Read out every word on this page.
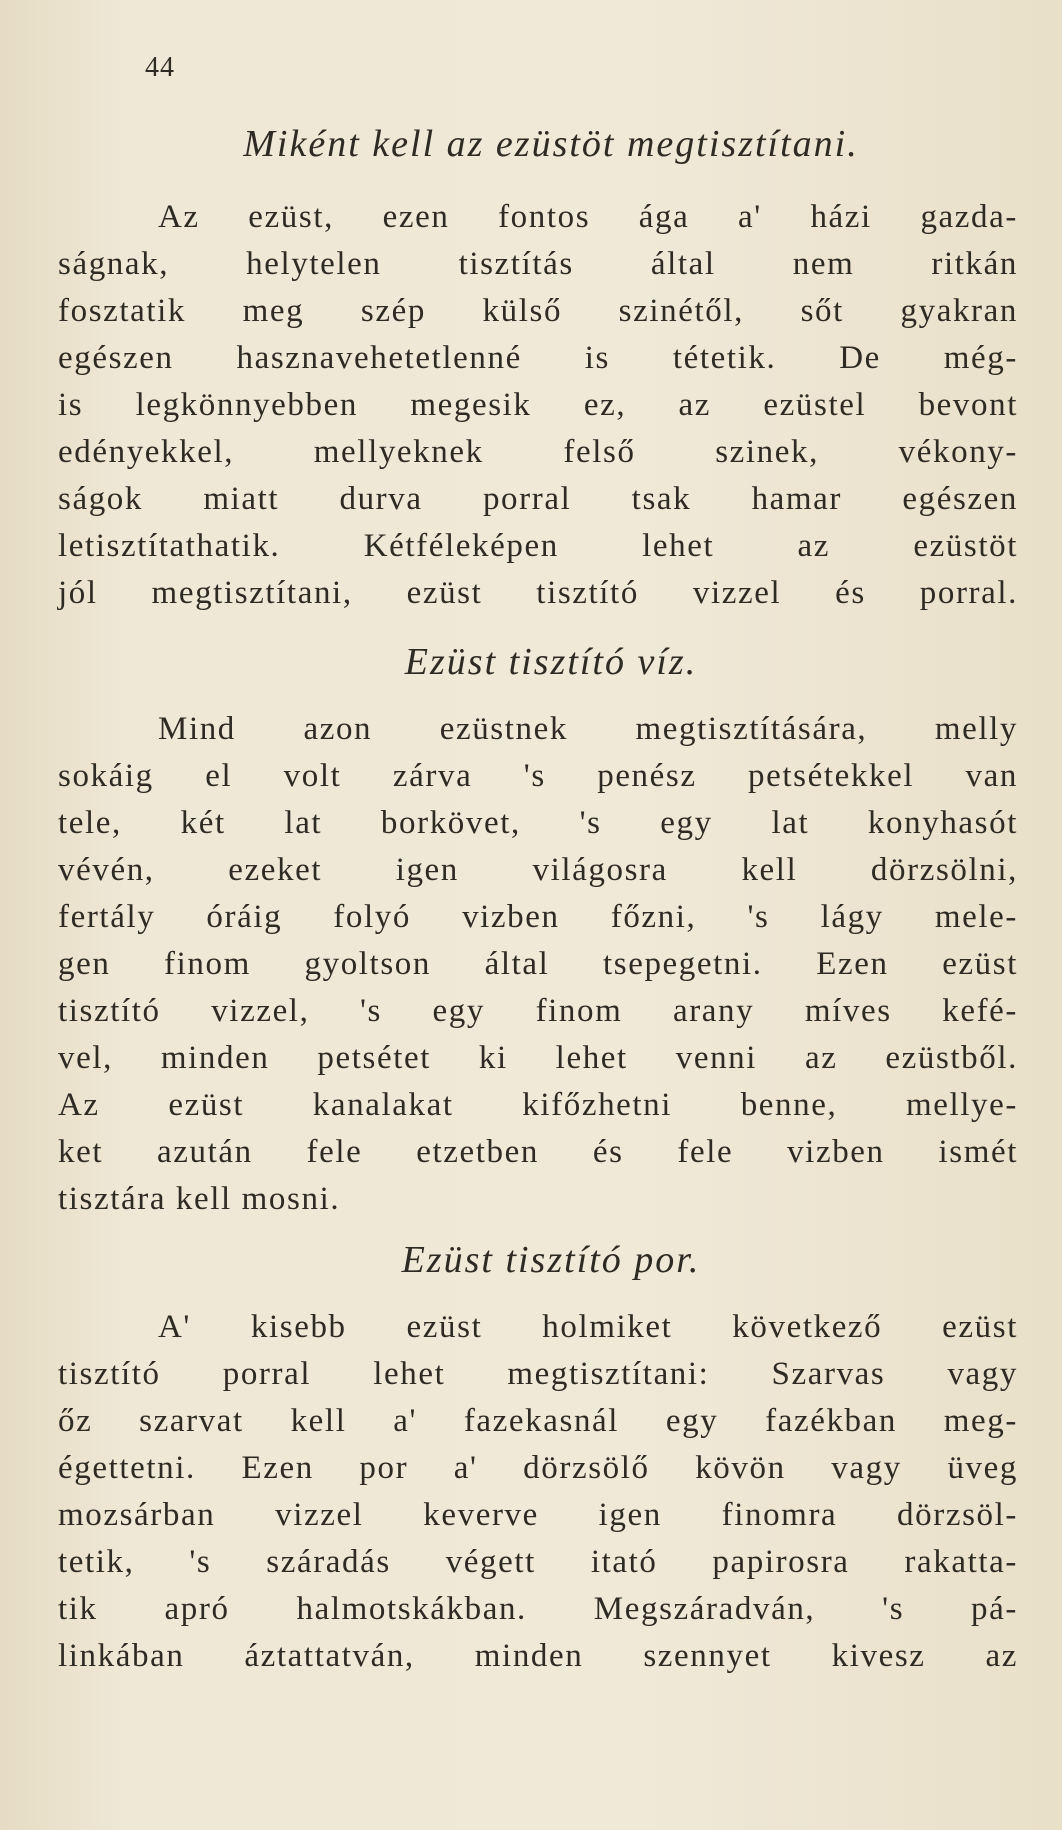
44
Miként kell az ezüstöt megtisztítani.
Az ezüst, ezen fontos ága a' házi gazda-
ságnak, helytelen tisztítás által nem ritkán
fosztatik meg szép külső szinétől, sőt gyakran
egészen hasznavehetetlenné is tétetik. De még-
is legkönnyebben megesik ez, az ezüstel bevont
edényekkel, mellyeknek felső szinek, vékony-
ságok miatt durva porral tsak hamar egészen
letisztítathatik. Kétféleképen lehet az ezüstöt
jól megtisztítani, ezüst tisztító vizzel és porral.
Ezüst tisztító víz.
Mind azon ezüstnek megtisztítására, melly
sokáig el volt zárva 's penész petsétekkel van
tele, két lat borkövet, 's egy lat konyhasót
vévén, ezeket igen világosra kell dörzsölni,
fertály óráig folyó vizben főzni, 's lágy mele-
gen finom gyoltson által tsepegetni. Ezen ezüst
tisztító vizzel, 's egy finom arany míves kefé-
vel, minden petsétet ki lehet venni az ezüstből.
Az ezüst kanalakat kifőzhetni benne, mellye-
ket azután fele etzetben és fele vizben ismét
tisztára kell mosni.
Ezüst tisztító por.
A' kisebb ezüst holmiket következő ezüst
tisztító porral lehet megtisztítani: Szarvas vagy
őz szarvat kell a' fazekasnál egy fazékban meg-
égettetni. Ezen por a' dörzsölő kövön vagy üveg
mozsárban vizzel keverve igen finomra dörzsöl-
tetik, 's száradás végett itató papirosra rakatta-
tik apró halmotskákban. Megszáradván, 's pá-
linkában áztattatván, minden szennyet kivesz az
